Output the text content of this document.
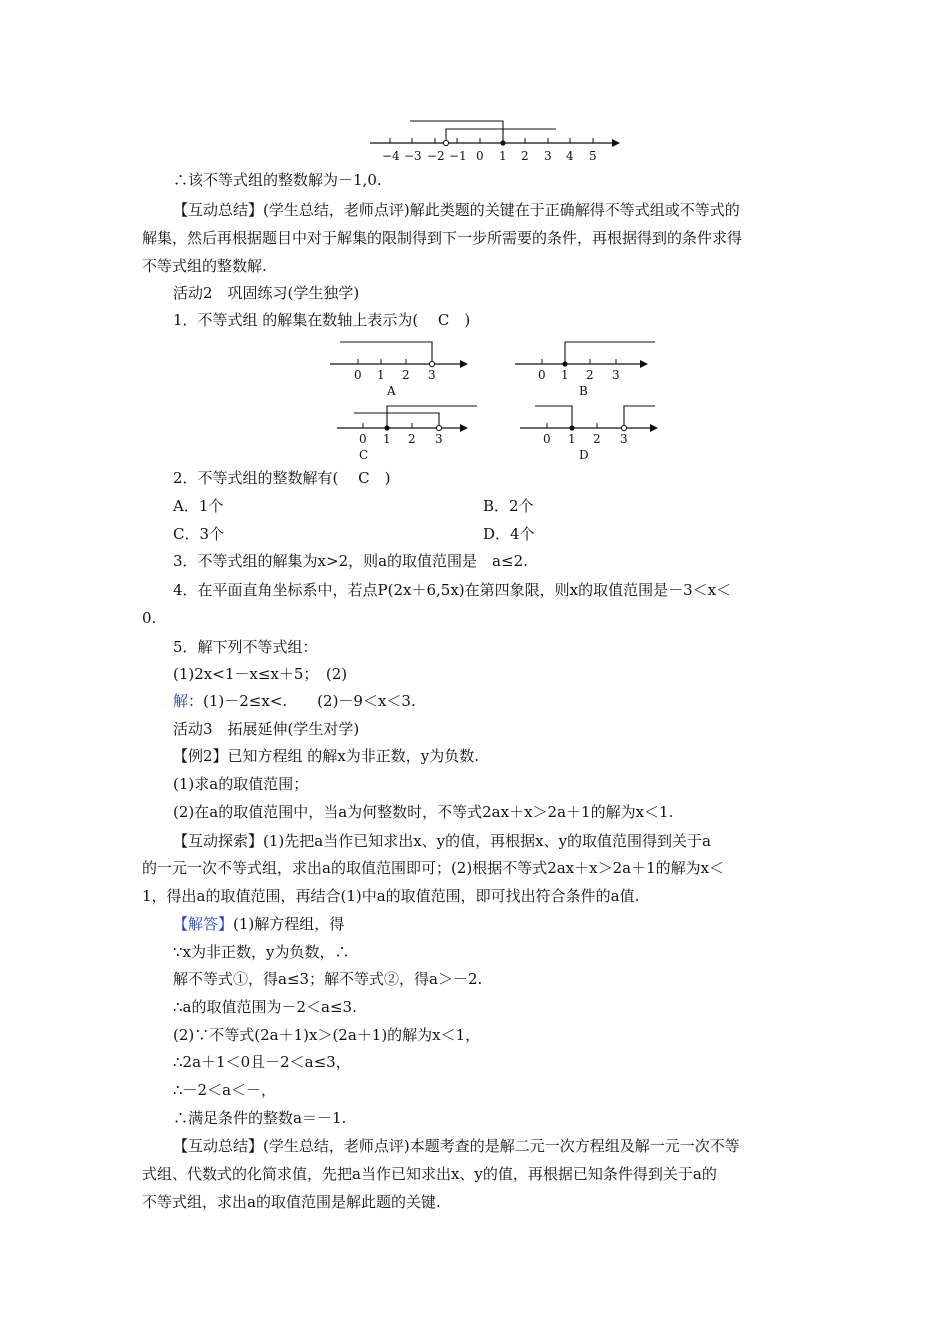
−4 −3 −2 −1 0 1 2 3 4 5
∴该不等式组的整数解为－1,0.
【互动总结】(学生总结，老师点评)解此类题的关键在于正确解得不等式组或不等式的
解集，然后再根据题目中对于解集的限制得到下一步所需要的条件，再根据得到的条件求得
不等式组的整数解.
活动2　巩固练习(学生独学)
1．不等式组 的解集在数轴上表示为(　 C　)
0 1 2 3
A
0 1 2 3
B
0 1 2 3
C
0 1 2 3
D
2．不等式组的整数解有(　 C　)
A．1个	B．2个
C．3个	D．4个
3．不等式组的解集为x>2，则a的取值范围是　a≤2.
4．在平面直角坐标系中，若点P(2x＋6,5x)在第四象限，则x的取值范围是－3＜x＜
0.
5．解下列不等式组：
(1)2x<1－x≤x＋5；　(2)
解：(1)－2≤x<.　　(2)－9＜x＜3.
活动3　拓展延伸(学生对学)
【例2】已知方程组 的解x为非正数，y为负数.
(1)求a的取值范围；
(2)在a的取值范围中，当a为何整数时，不等式2ax＋x＞2a＋1的解为x＜1.
【互动探索】(1)先把a当作已知求出x、y的值，再根据x、y的取值范围得到关于a
的一元一次不等式组，求出a的取值范围即可；(2)根据不等式2ax＋x＞2a＋1的解为x＜
1，得出a的取值范围，再结合(1)中a的取值范围，即可找出符合条件的a值.
【解答】(1)解方程组，得
∵x为非正数，y为负数，∴
解不等式①，得a≤3；解不等式②，得a＞－2.
∴a的取值范围为－2＜a≤3.
(2)∵不等式(2a＋1)x＞(2a＋1)的解为x＜1，
∴2a＋1＜0且－2＜a≤3，
∴－2＜a＜－，
∴满足条件的整数a＝－1.
【互动总结】(学生总结，老师点评)本题考查的是解二元一次方程组及解一元一次不等
式组、代数式的化简求值，先把a当作已知求出x、y的值，再根据已知条件得到关于a的
不等式组，求出a的取值范围是解此题的关键.
